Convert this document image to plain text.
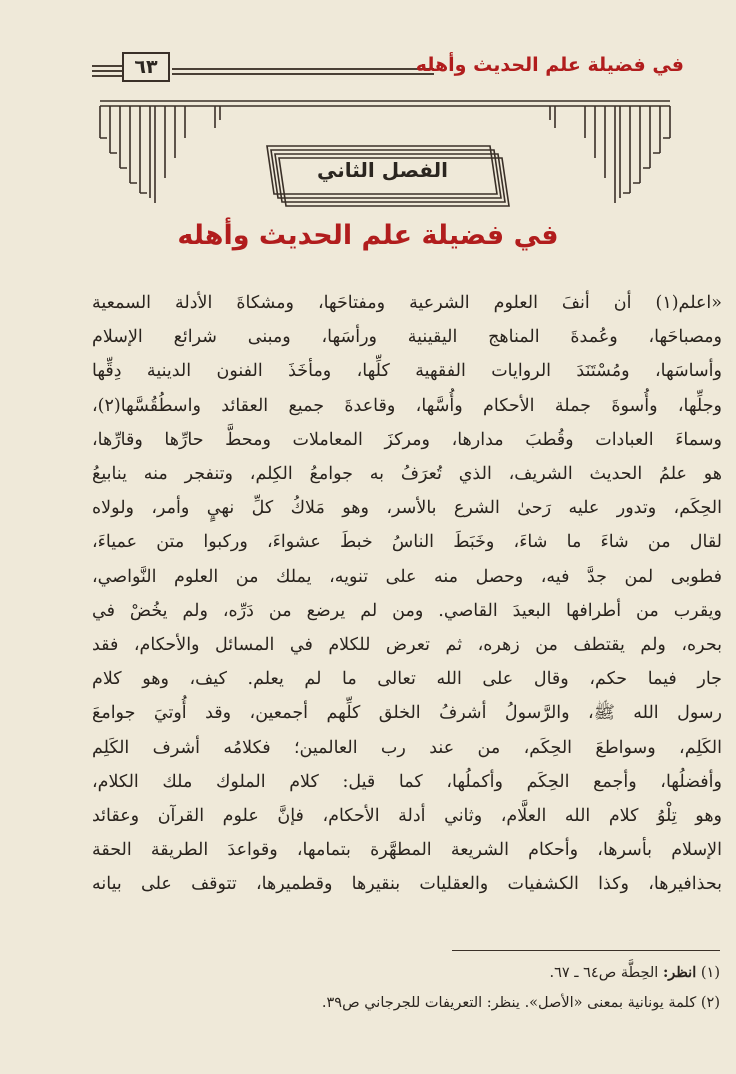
٦٣	في فضيلة علم الحديث وأهله
الفصل الثاني
في فضيلة علم الحديث وأهله
«اعلم(١) أن أنفَ العلوم الشرعية ومفتاحَها، ومشكاةَ الأدلة السمعية
ومصباحَها، وعُمدةَ المناهج اليقينية ورأسَها، ومبنى شرائع الإسلام
وأساسَها، ومُسْتَنَدَ الروايات الفقهية كلِّها، ومأخَذَ الفنون الدينية دِقِّها
وجلِّها، وأُسوةَ جملة الأحكام وأُسَّها، وقاعدةَ جميع العقائد واسطُقُسَّها(٢)،
وسماءَ العبادات وقُطبَ مدارها، ومركزَ المعاملات ومحطَّ حارِّها وقارِّها،
هو علمُ الحديث الشريف، الذي تُعرَفُ به جوامعُ الكِلم، وتنفجر منه ينابيعُ
الحِكَم، وتدور عليه رَحىٰ الشرع بالأسر، وهو مَلاكُ كلِّ نهيٍ وأمر، ولولاه
لقال من شاءَ ما شاءَ، وخَبَطَ الناسُ خبطَ عشواءَ، وركبوا متن عمياءَ،
فطوبى لمن جدَّ فيه، وحصل منه على تنويه، يملك من العلوم النَّواصي،
ويقرب من أطرافها البعيدَ القاصي. ومن لم يرضع من دَرِّه، ولم يخُضْ في
بحره، ولم يقتطف من زهره، ثم تعرض للكلام في المسائل والأحكام، فقد
جار فيما حكم، وقال على الله تعالى ما لم يعلم. كيف، وهو كلام
رسول الله ﷺ، والرَّسولُ أشرفُ الخلق كلِّهم أجمعين، وقد أُوتيَ جوامعَ
الكَلِم، وسواطعَ الحِكَم، من عند رب العالمين؛ فكلامُه أشرف الكَلِم
وأفضلُها، وأجمع الحِكَم وأكملُها، كما قيل: كلام الملوك ملك الكلام،
وهو تِلْوُ كلام الله العلَّام، وثاني أدلة الأحكام، فإنَّ علوم القرآن وعقائد
الإسلام بأسرها، وأحكام الشريعة المطهَّرة بتمامها، وقواعدَ الطريقة الحقة
بحذافيرها، وكذا الكشفيات والعقليات بنقيرها وقطميرها، تتوقف على بيانه
(١) انظر: الحِطَّة ص٦٤ ـ ٦٧.
(٢) كلمة يونانية بمعنى «الأصل». ينظر: التعريفات للجرجاني ص٣٩.
